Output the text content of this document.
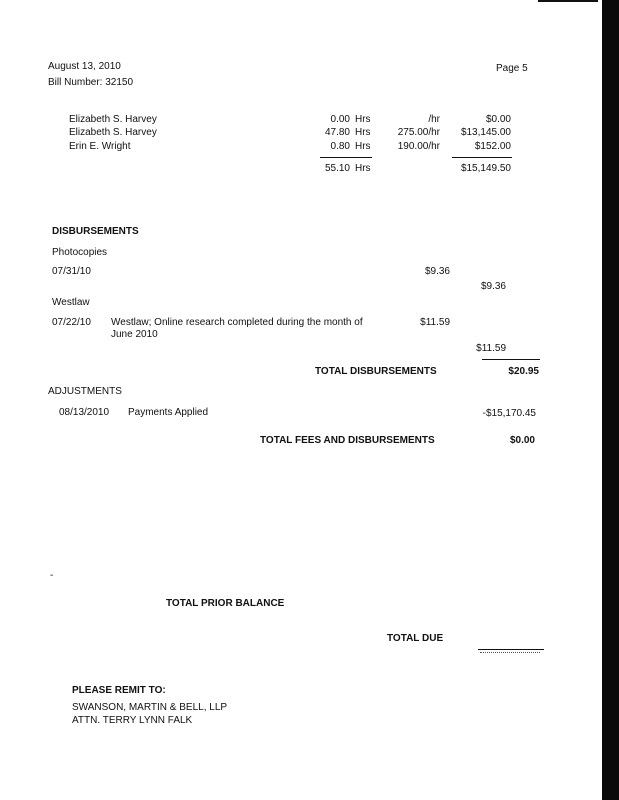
August 13, 2010
Bill Number: 32150
Page 5
Elizabeth S. Harvey	0.00 Hrs	/hr	$0.00
Elizabeth S. Harvey	47.80 Hrs	275.00/hr	$13,145.00
Erin E. Wright	0.80 Hrs	190.00/hr	$152.00
55.10 Hrs	$15,149.50
DISBURSEMENTS
Photocopies
07/31/10	$9.36
$9.36
Westlaw
07/22/10 Westlaw; Online research completed during the month of
June 2010
$11.59
$11.59
TOTAL DISBURSEMENTS	$20.95
ADJUSTMENTS
08/13/2010 Payments Applied	-$15,170.45
TOTAL FEES AND DISBURSEMENTS	$0.00
-
TOTAL PRIOR BALANCE
TOTAL DUE
PLEASE REMIT TO:
SWANSON, MARTIN & BELL, LLP
ATTN. TERRY LYNN FALK
